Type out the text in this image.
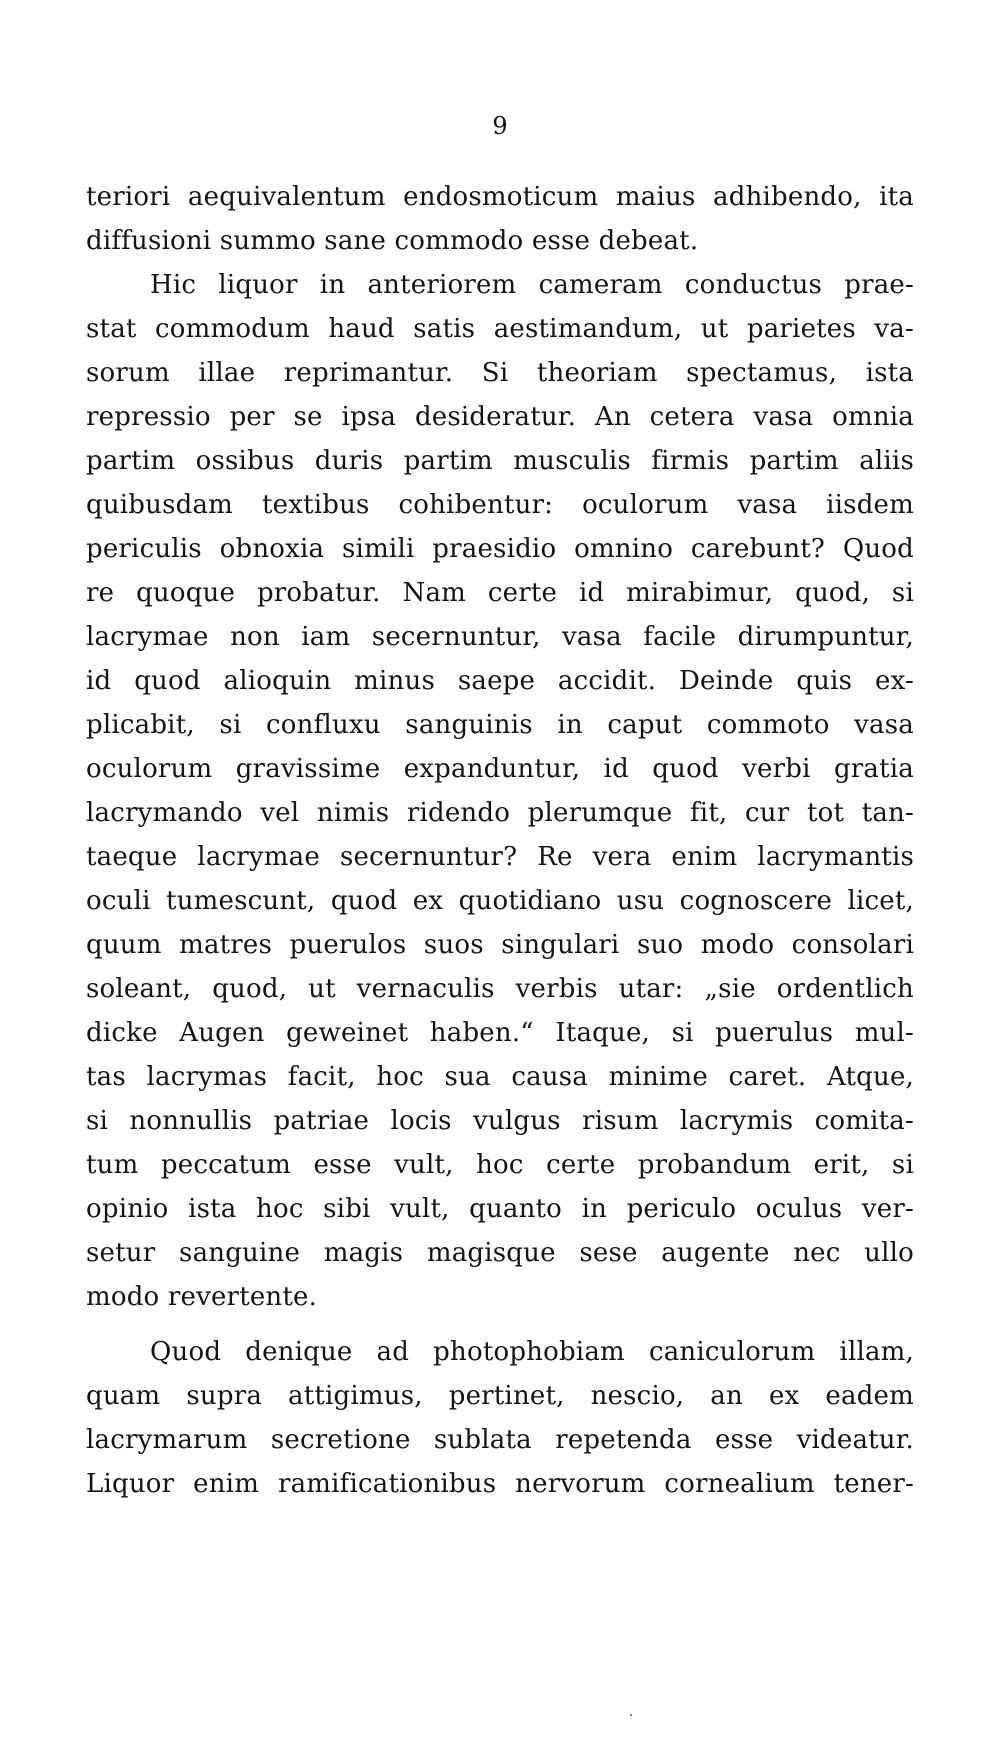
9
teriori aequivalentum endosmoticum maius adhibendo, ita
diffusioni summo sane commodo esse debeat.
Hic liquor in anteriorem cameram conductus prae-
stat commodum haud satis aestimandum, ut parietes va-
sorum illae reprimantur. Si theoriam spectamus, ista
repressio per se ipsa desideratur. An cetera vasa omnia
partim ossibus duris partim musculis firmis partim aliis
quibusdam textibus cohibentur: oculorum vasa iisdem
periculis obnoxia simili praesidio omnino carebunt? Quod
re quoque probatur. Nam certe id mirabimur, quod, si
lacrymae non iam secernuntur, vasa facile dirumpuntur,
id quod alioquin minus saepe accidit. Deinde quis ex-
plicabit, si confluxu sanguinis in caput commoto vasa
oculorum gravissime expanduntur, id quod verbi gratia
lacrymando vel nimis ridendo plerumque fit, cur tot tan-
taeque lacrymae secernuntur? Re vera enim lacrymantis
oculi tumescunt, quod ex quotidiano usu cognoscere licet,
quum matres puerulos suos singulari suo modo consolari
soleant, quod, ut vernaculis verbis utar: „sie ordentlich
dicke Augen geweinet haben.“ Itaque, si puerulus mul-
tas lacrymas facit, hoc sua causa minime caret. Atque,
si nonnullis patriae locis vulgus risum lacrymis comita-
tum peccatum esse vult, hoc certe probandum erit, si
opinio ista hoc sibi vult, quanto in periculo oculus ver-
setur sanguine magis magisque sese augente nec ullo
modo revertente.
Quod denique ad photophobiam caniculorum illam,
quam supra attigimus, pertinet, nescio, an ex eadem
lacrymarum secretione sublata repetenda esse videatur.
Liquor enim ramificationibus nervorum cornealium tener-
